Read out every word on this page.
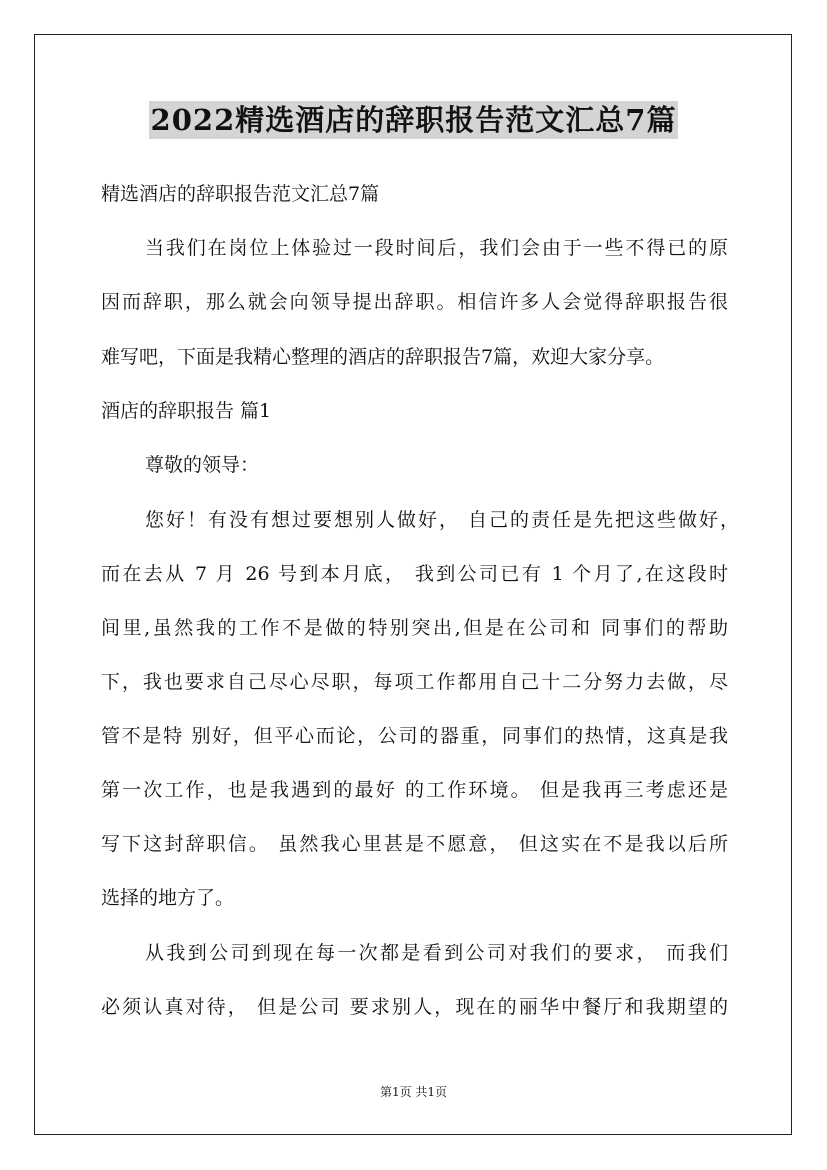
2022精选酒店的辞职报告范文汇总7篇
精选酒店的辞职报告范文汇总7篇
当我们在岗位上体验过一段时间后，我们会由于一些不得已的原
因而辞职，那么就会向领导提出辞职。相信许多人会觉得辞职报告很
难写吧，下面是我精心整理的酒店的辞职报告7篇，欢迎大家分享。
酒店的辞职报告 篇1
尊敬的领导：
您好！有没有想过要想别人做好， 自己的责任是先把这些做好，
而在去从 7 月 26 号到本月底， 我到公司已有 1 个月了,在这段时
间里,虽然我的工作不是做的特别突出,但是在公司和 同事们的帮助
下，我也要求自己尽心尽职，每项工作都用自己十二分努力去做，尽
管不是特 别好，但平心而论，公司的器重，同事们的热情，这真是我
第一次工作，也是我遇到的最好 的工作环境。 但是我再三考虑还是
写下这封辞职信。 虽然我心里甚是不愿意， 但这实在不是我以后所
选择的地方了。
从我到公司到现在每一次都是看到公司对我们的要求， 而我们
必须认真对待， 但是公司 要求别人，现在的丽华中餐厅和我期望的
第1页 共1页
